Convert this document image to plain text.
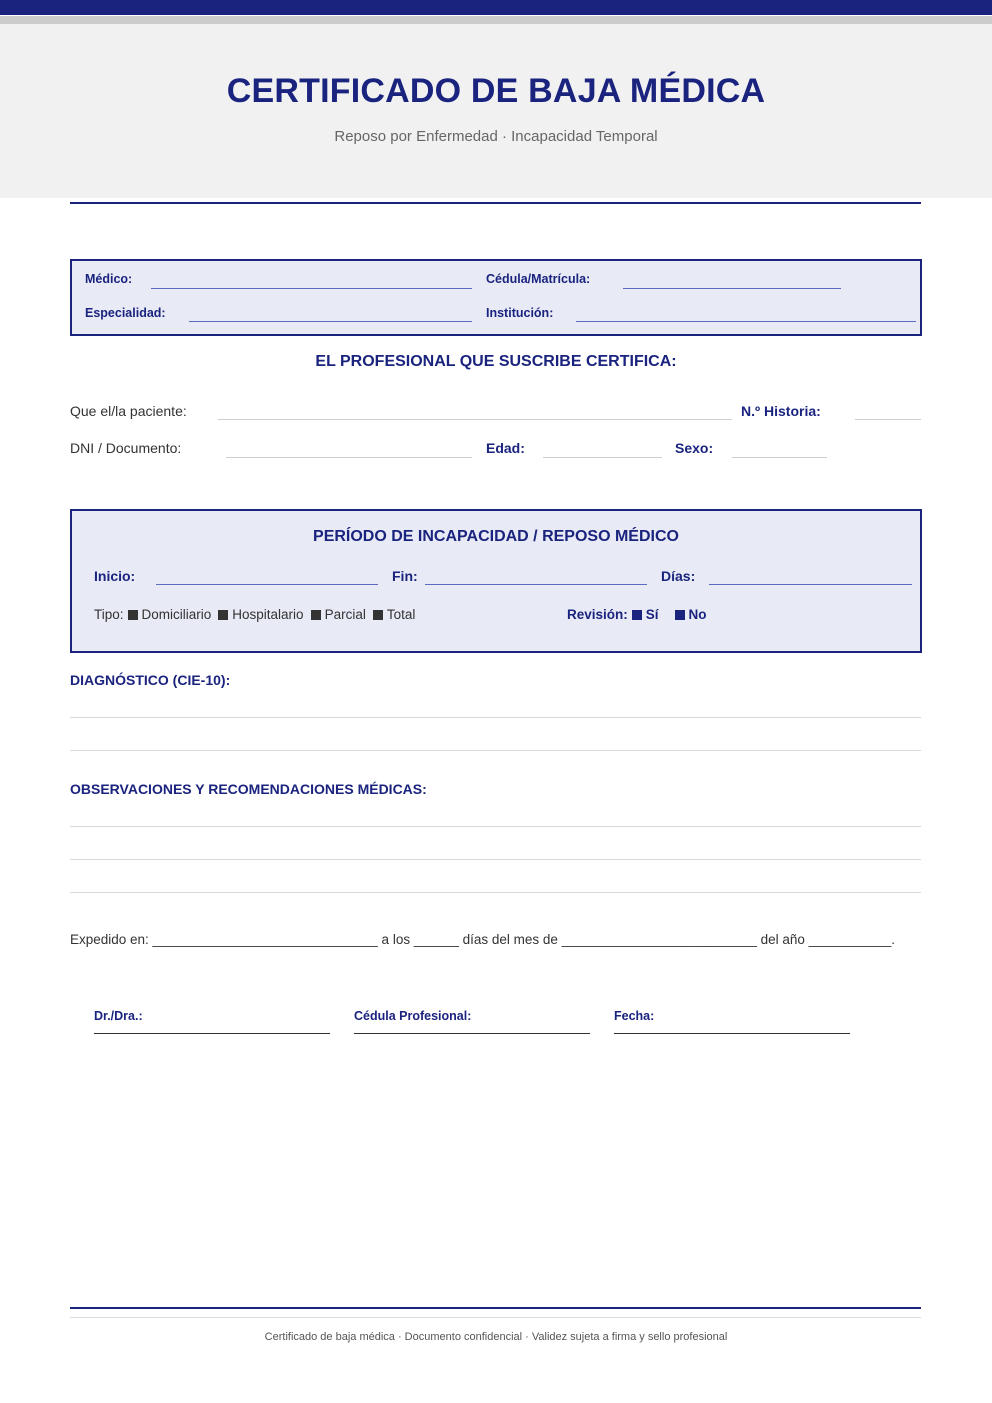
CERTIFICADO DE BAJA MÉDICA
Reposo por Enfermedad · Incapacidad Temporal
Médico:	Cédula/Matrícula:
Especialidad:	Institución:
EL PROFESIONAL QUE SUSCRIBE CERTIFICA:
Que el/la paciente:	N.º Historia:
DNI / Documento:	Edad:	Sexo:
PERÍODO DE INCAPACIDAD / REPOSO MÉDICO
Inicio:	Fin:	Días:
Tipo: Domiciliario Hospitalario Parcial Total	Revisión: Sí No
DIAGNÓSTICO (CIE-10):
OBSERVACIONES Y RECOMENDACIONES MÉDICAS:
Expedido en: ______________________________ a los ______ días del mes de __________________________ del año ___________.
Dr./Dra.:	Cédula Profesional:	Fecha:
Certificado de baja médica · Documento confidencial · Validez sujeta a firma y sello profesional
